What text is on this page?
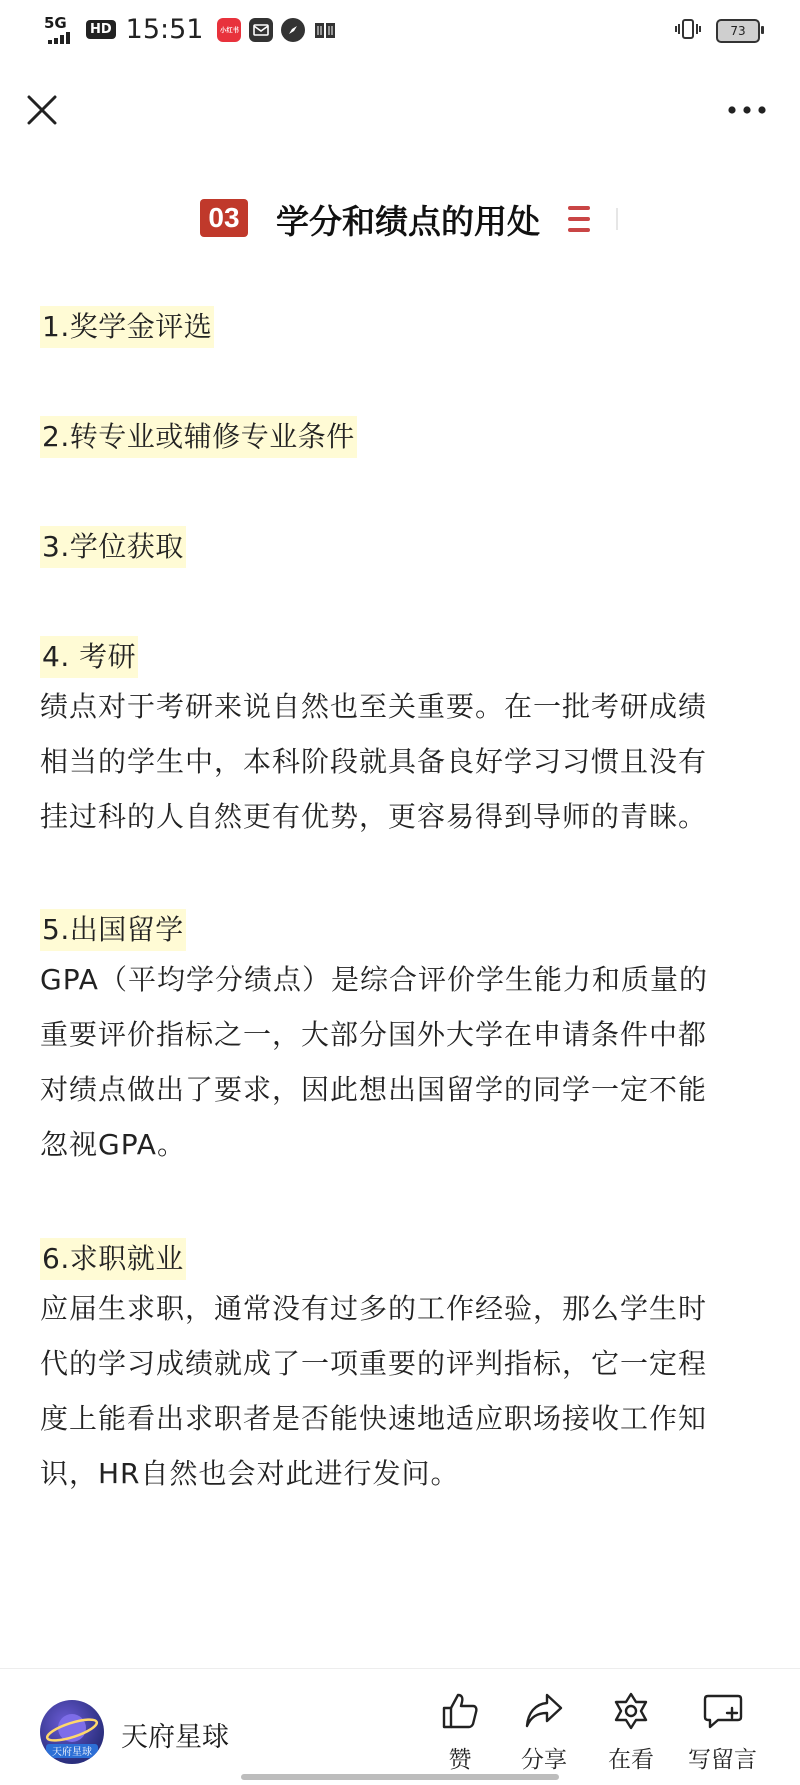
5G	HD 15:51 小红书	73
03 学分和绩点的用处
1.奖学金评选
2.转专业或辅修专业条件
3.学位获取
4. 考研

绩点对于考研来说自然也至关重要。在一批考研成绩

相当的学生中，本科阶段就具备良好学习习惯且没有

挂过科的人自然更有优势，更容易得到导师的青睐。

5.出国留学

GPA（平均学分绩点）是综合评价学生能力和质量的

重要评价指标之一，大部分国外大学在申请条件中都

对绩点做出了要求，因此想出国留学的同学一定不能

忽视GPA。

6.求职就业

应届生求职，通常没有过多的工作经验，那么学生时

代的学习成绩就成了一项重要的评判指标，它一定程

度上能看出求职者是否能快速地适应职场接收工作知

识，HR自然也会对此进行发问。

天府星球 天府星球
赞 分享 在看 写留言
